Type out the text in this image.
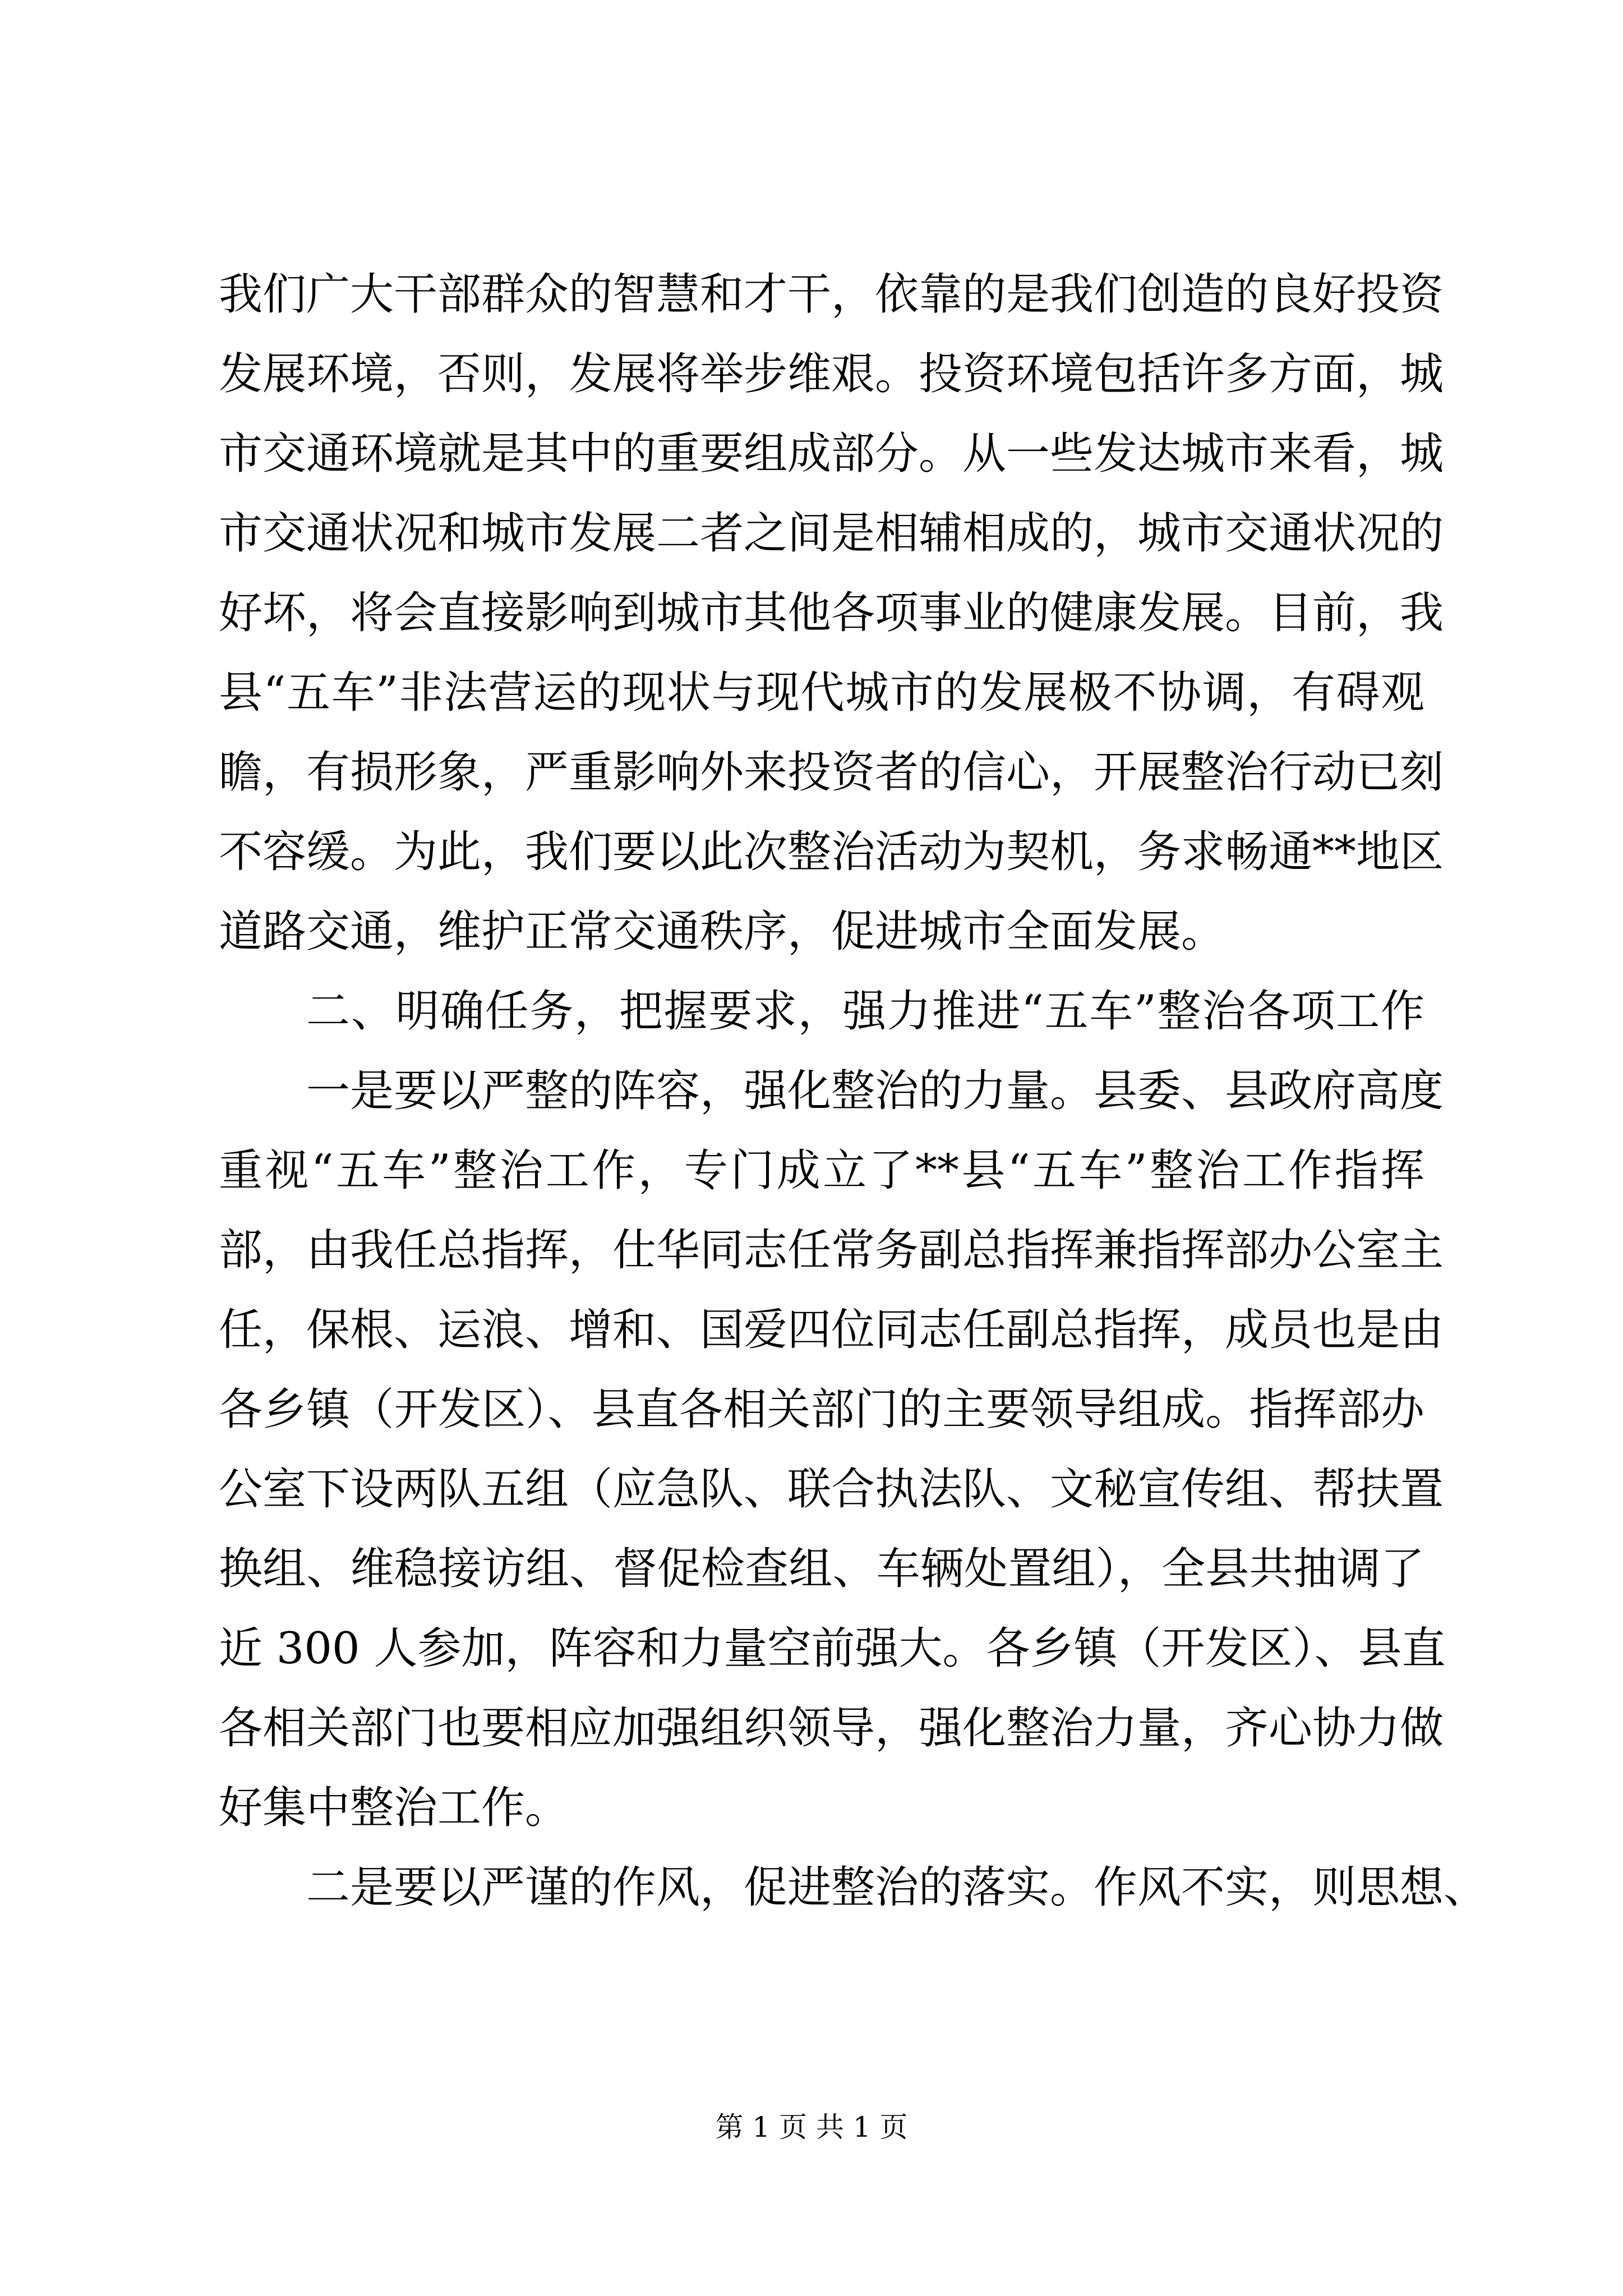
我们广大干部群众的智慧和才干，依靠的是我们创造的良好投资
发展环境，否则，发展将举步维艰。投资环境包括许多方面，城
市交通环境就是其中的重要组成部分。从一些发达城市来看，城
市交通状况和城市发展二者之间是相辅相成的，城市交通状况的
好坏，将会直接影响到城市其他各项事业的健康发展。目前，我
县“五车”非法营运的现状与现代城市的发展极不协调，有碍观
瞻，有损形象，严重影响外来投资者的信心，开展整治行动已刻
不容缓。为此，我们要以此次整治活动为契机，务求畅通**地区
道路交通，维护正常交通秩序，促进城市全面发展。
二、明确任务，把握要求，强力推进“五车”整治各项工作
一是要以严整的阵容，强化整治的力量。县委、县政府高度
重视“五车”整治工作，专门成立了**县“五车”整治工作指挥
部，由我任总指挥，仕华同志任常务副总指挥兼指挥部办公室主
任，保根、运浪、增和、国爱四位同志任副总指挥，成员也是由
各乡镇（开发区）、县直各相关部门的主要领导组成。指挥部办
公室下设两队五组（应急队、联合执法队、文秘宣传组、帮扶置
换组、维稳接访组、督促检查组、车辆处置组），全县共抽调了
近 300 人参加，阵容和力量空前强大。各乡镇（开发区）、县直
各相关部门也要相应加强组织领导，强化整治力量，齐心协力做
好集中整治工作。
二是要以严谨的作风，促进整治的落实。作风不实，则思想、
第 1 页 共 1 页
